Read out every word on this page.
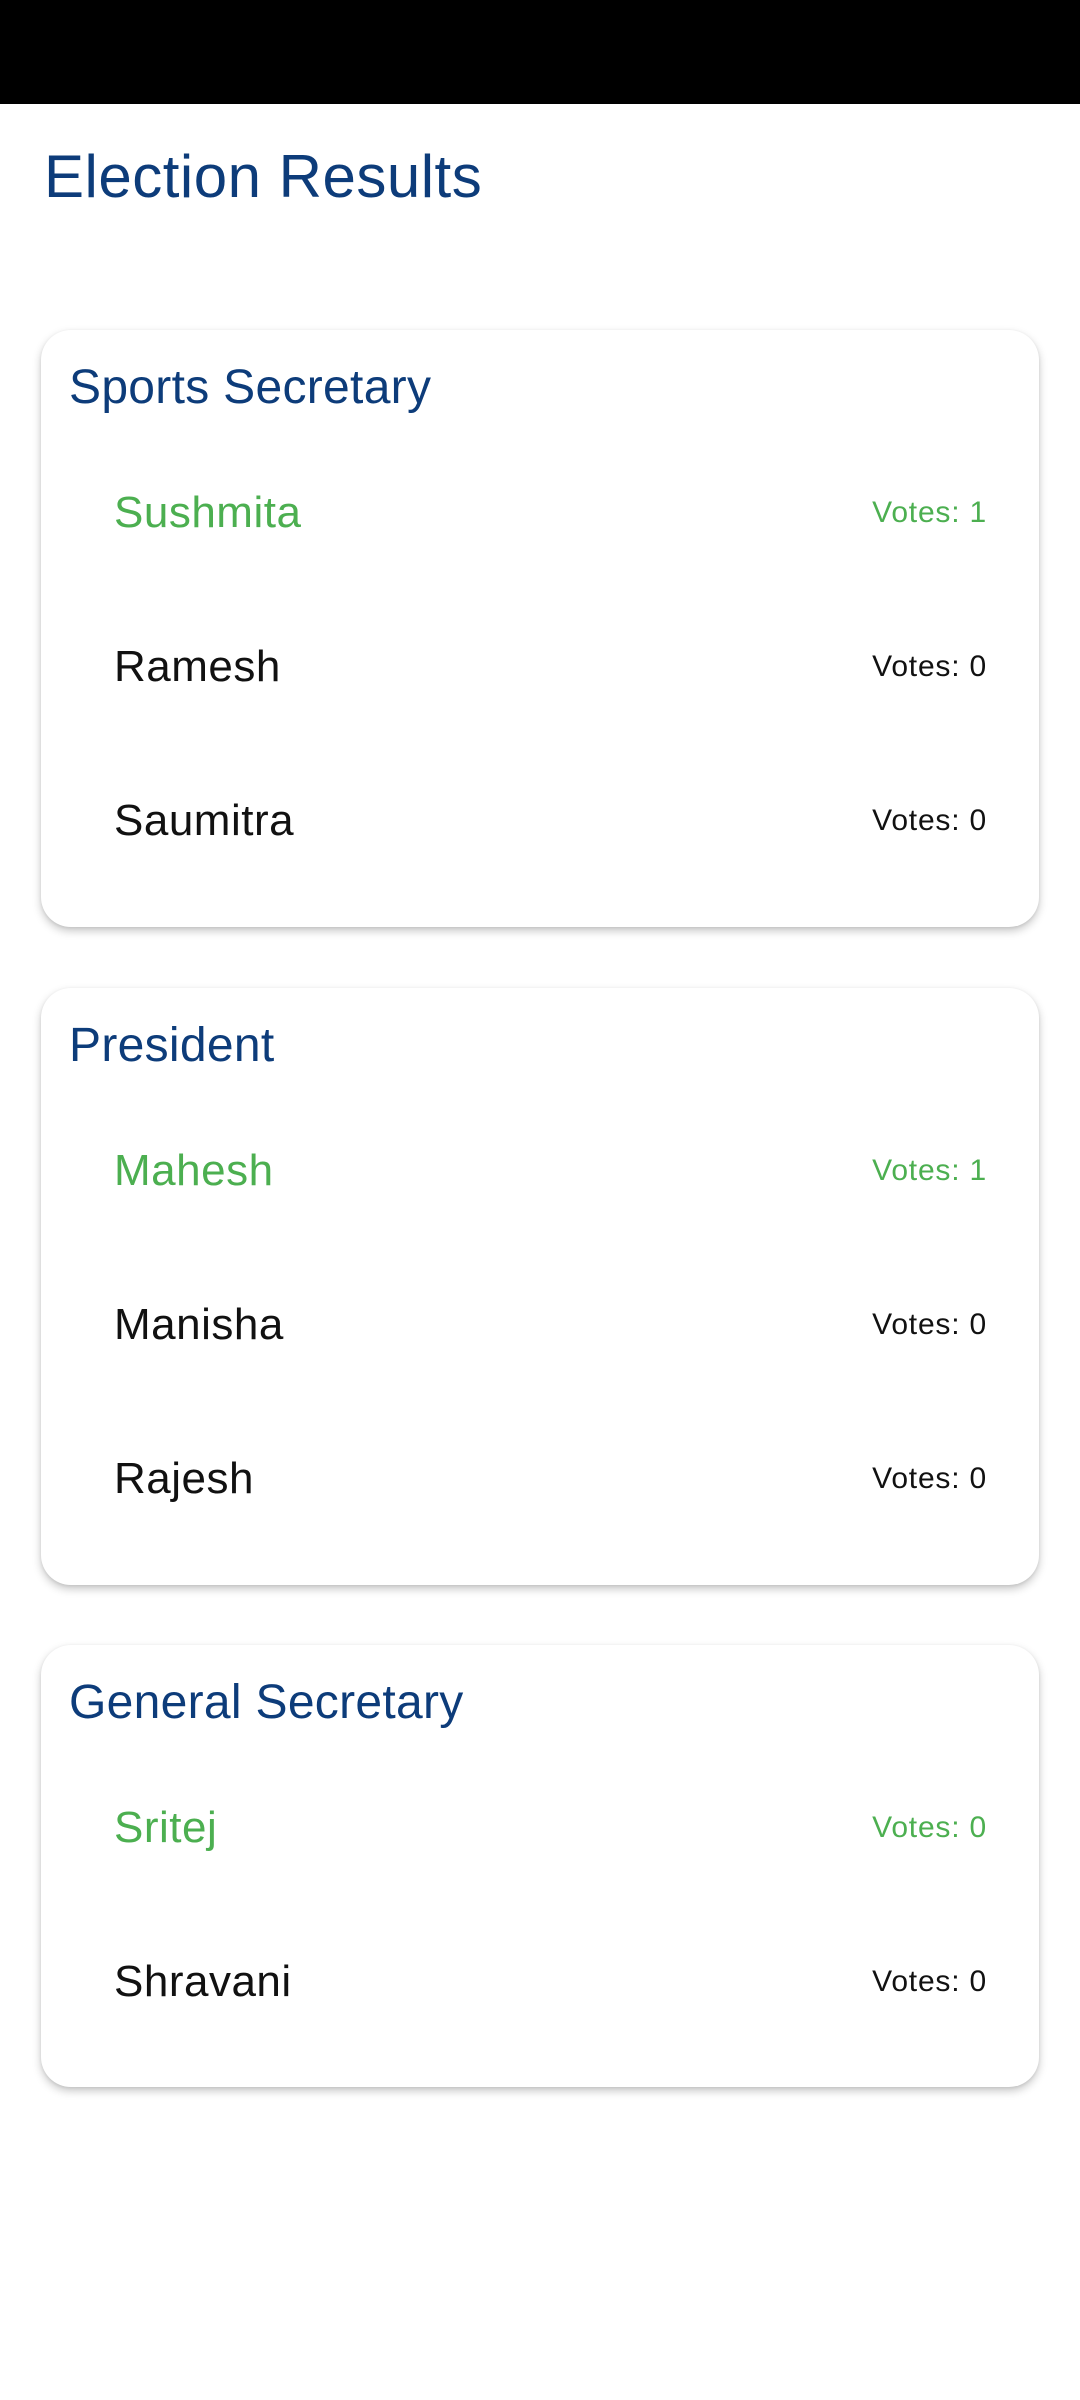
Election Results
Sports Secretary
Sushmita	Votes: 1
Ramesh	Votes: 0
Saumitra	Votes: 0
President
Mahesh	Votes: 1
Manisha	Votes: 0
Rajesh	Votes: 0
General Secretary
Sritej	Votes: 0
Shravani	Votes: 0
